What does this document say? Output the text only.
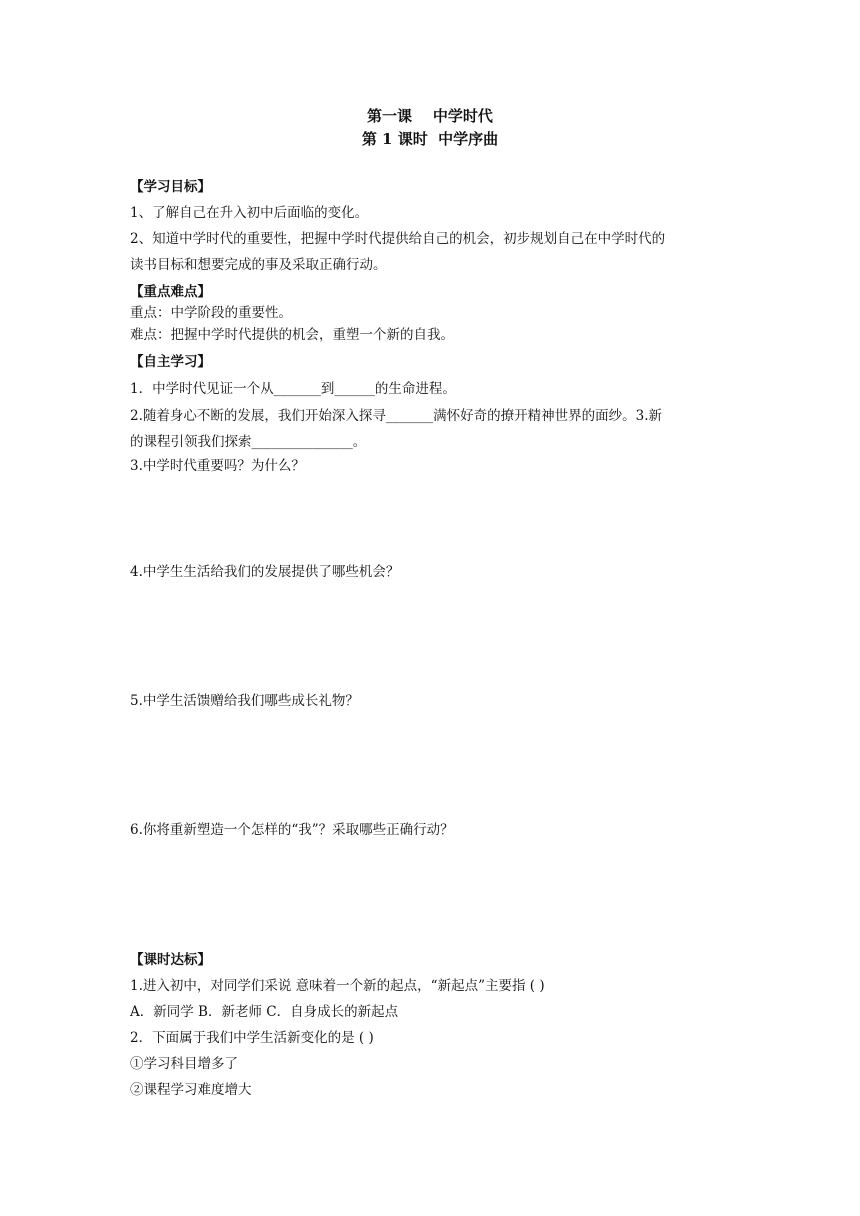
第一课    中学时代
第 1 课时  中学序曲
【学习目标】
1、了解自己在升入初中后面临的变化。
2、知道中学时代的重要性，把握中学时代提供给自己的机会，初步规划自己在中学时代的
读书目标和想要完成的事及采取正确行动。
【重点难点】
重点：中学阶段的重要性。
难点：把握中学时代提供的机会，重塑一个新的自我。
【自主学习】
1．中学时代见证一个从_______到______的生命进程。
2.随着身心不断的发展，我们开始深入探寻_______满怀好奇的撩开精神世界的面纱。3.新
的课程引领我们探索_______________。
3.中学时代重要吗？为什么？
4.中学生生活给我们的发展提供了哪些机会？
5.中学生活馈赠给我们哪些成长礼物？
6.你将重新塑造一个怎样的“我”？采取哪些正确行动？
【课时达标】
1.进入初中，对同学们采说 意味着一个新的起点，“新起点”主要指 ( )
A．新同学 B．新老师 C．自身成长的新起点
2．下面属于我们中学生活新变化的是 ( )
①学习科目增多了
②课程学习难度增大
